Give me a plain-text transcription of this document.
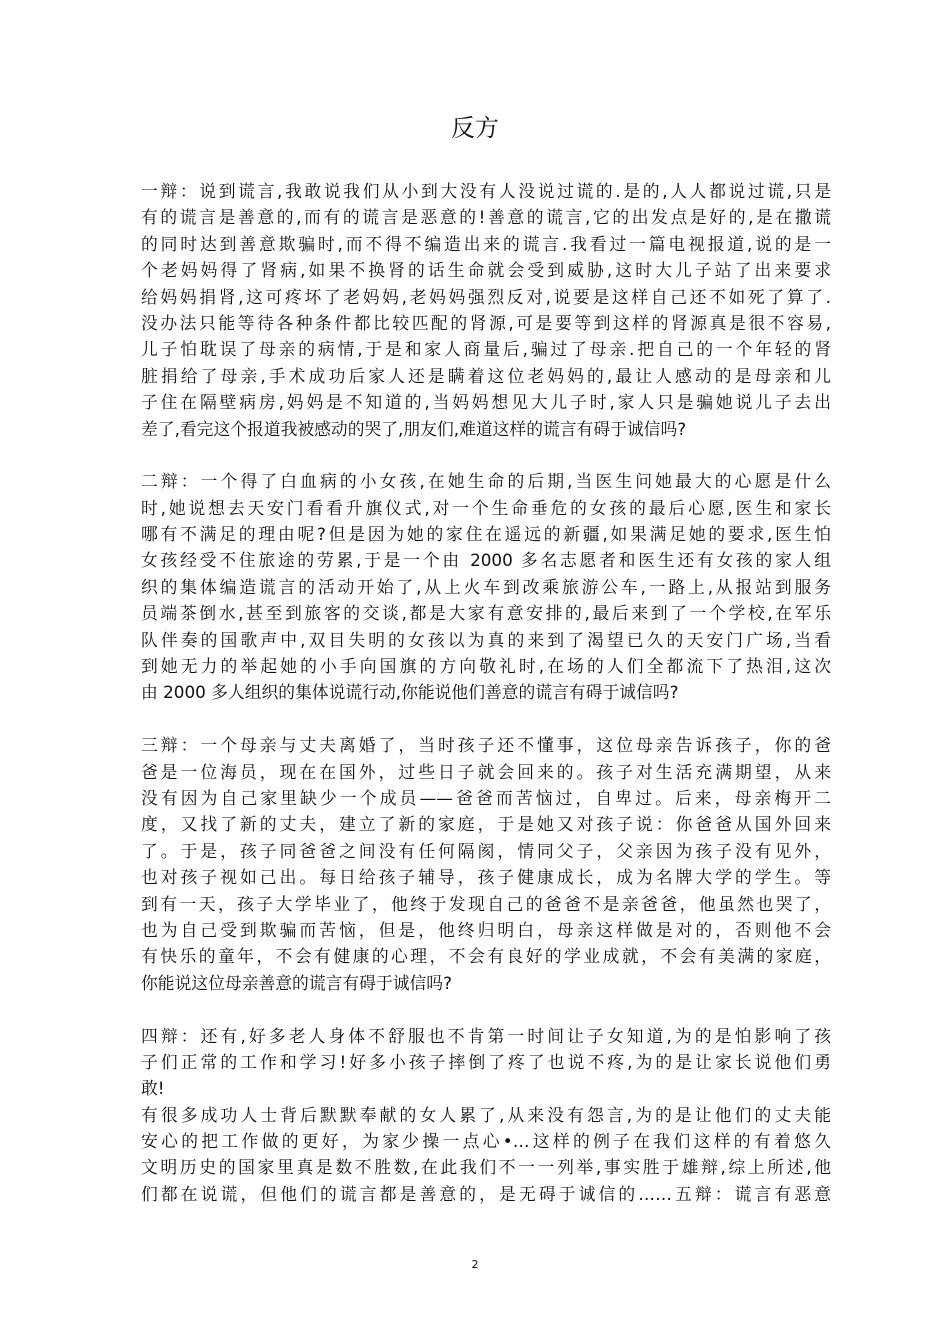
反方
一辩：说到谎言,我敢说我们从小到大没有人没说过谎的.是的,人人都说过谎,只是
有的谎言是善意的,而有的谎言是恶意的!善意的谎言,它的出发点是好的,是在撒谎
的同时达到善意欺骗时,而不得不编造出来的谎言.我看过一篇电视报道,说的是一
个老妈妈得了肾病,如果不换肾的话生命就会受到威胁,这时大儿子站了出来要求
给妈妈捐肾,这可疼坏了老妈妈,老妈妈强烈反对,说要是这样自己还不如死了算了.
没办法只能等待各种条件都比较匹配的肾源,可是要等到这样的肾源真是很不容易,
儿子怕耽误了母亲的病情,于是和家人商量后,骗过了母亲.把自己的一个年轻的肾
脏捐给了母亲,手术成功后家人还是瞒着这位老妈妈的,最让人感动的是母亲和儿
子住在隔壁病房,妈妈是不知道的,当妈妈想见大儿子时,家人只是骗她说儿子去出
差了,看完这个报道我被感动的哭了,朋友们,难道这样的谎言有碍于诚信吗?
二辩：一个得了白血病的小女孩,在她生命的后期,当医生问她最大的心愿是什么
时,她说想去天安门看看升旗仪式,对一个生命垂危的女孩的最后心愿,医生和家长
哪有不满足的理由呢?但是因为她的家住在遥远的新疆,如果满足她的要求,医生怕
女孩经受不住旅途的劳累,于是一个由 2000 多名志愿者和医生还有女孩的家人组
织的集体编造谎言的活动开始了,从上火车到改乘旅游公车,一路上,从报站到服务
员端茶倒水,甚至到旅客的交谈,都是大家有意安排的,最后来到了一个学校,在军乐
队伴奏的国歌声中,双目失明的女孩以为真的来到了渴望已久的天安门广场,当看
到她无力的举起她的小手向国旗的方向敬礼时,在场的人们全都流下了热泪,这次
由 2000 多人组织的集体说谎行动,你能说他们善意的谎言有碍于诚信吗?
三辩：一个母亲与丈夫离婚了，当时孩子还不懂事，这位母亲告诉孩子，你的爸
爸是一位海员，现在在国外，过些日子就会回来的。孩子对生活充满期望，从来
没有因为自己家里缺少一个成员——爸爸而苦恼过，自卑过。后来，母亲梅开二
度，又找了新的丈夫，建立了新的家庭，于是她又对孩子说：你爸爸从国外回来
了。于是，孩子同爸爸之间没有任何隔阂，情同父子，父亲因为孩子没有见外，
也对孩子视如己出。每日给孩子辅导，孩子健康成长，成为名牌大学的学生。等
到有一天，孩子大学毕业了，他终于发现自己的爸爸不是亲爸爸，他虽然也哭了，
也为自己受到欺骗而苦恼，但是，他终归明白，母亲这样做是对的，否则他不会
有快乐的童年，不会有健康的心理，不会有良好的学业成就，不会有美满的家庭，
你能说这位母亲善意的谎言有碍于诚信吗?
四辩：还有,好多老人身体不舒服也不肯第一时间让子女知道,为的是怕影响了孩
子们正常的工作和学习!好多小孩子摔倒了疼了也说不疼,为的是让家长说他们勇
敢!
有很多成功人士背后默默奉献的女人累了,从来没有怨言,为的是让他们的丈夫能
安心的把工作做的更好，为家少操一点心•…这样的例子在我们这样的有着悠久
文明历史的国家里真是数不胜数,在此我们不一一列举,事实胜于雄辩,综上所述,他
们都在说谎，但他们的谎言都是善意的，是无碍于诚信的……五辩：谎言有恶意
2
